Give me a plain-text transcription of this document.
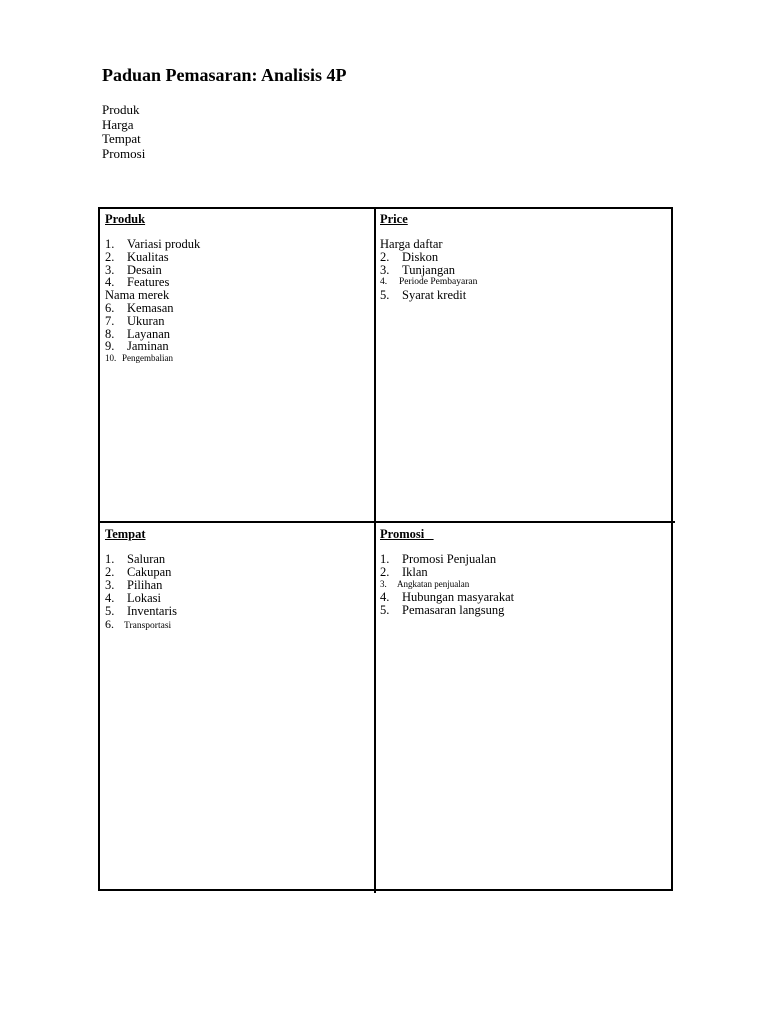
Paduan Pemasaran: Analisis 4P
Produk
Harga
Tempat
Promosi
Produk
1. Variasi produk
2. Kualitas
3. Desain
4. Features
Nama merek
6. Kemasan
7. Ukuran
8. Layanan
9. Jaminan
10. Pengembalian
Price
Harga daftar
2. Diskon
3. Tunjangan
4. Periode Pembayaran
5. Syarat kredit
Tempat
1. Saluran
2. Cakupan
3. Pilihan
4. Lokasi
5. Inventaris
6. Transportasi
Promosi
1. Promosi Penjualan
2. Iklan
3. Angkatan penjualan
4. Hubungan masyarakat
5. Pemasaran langsung
